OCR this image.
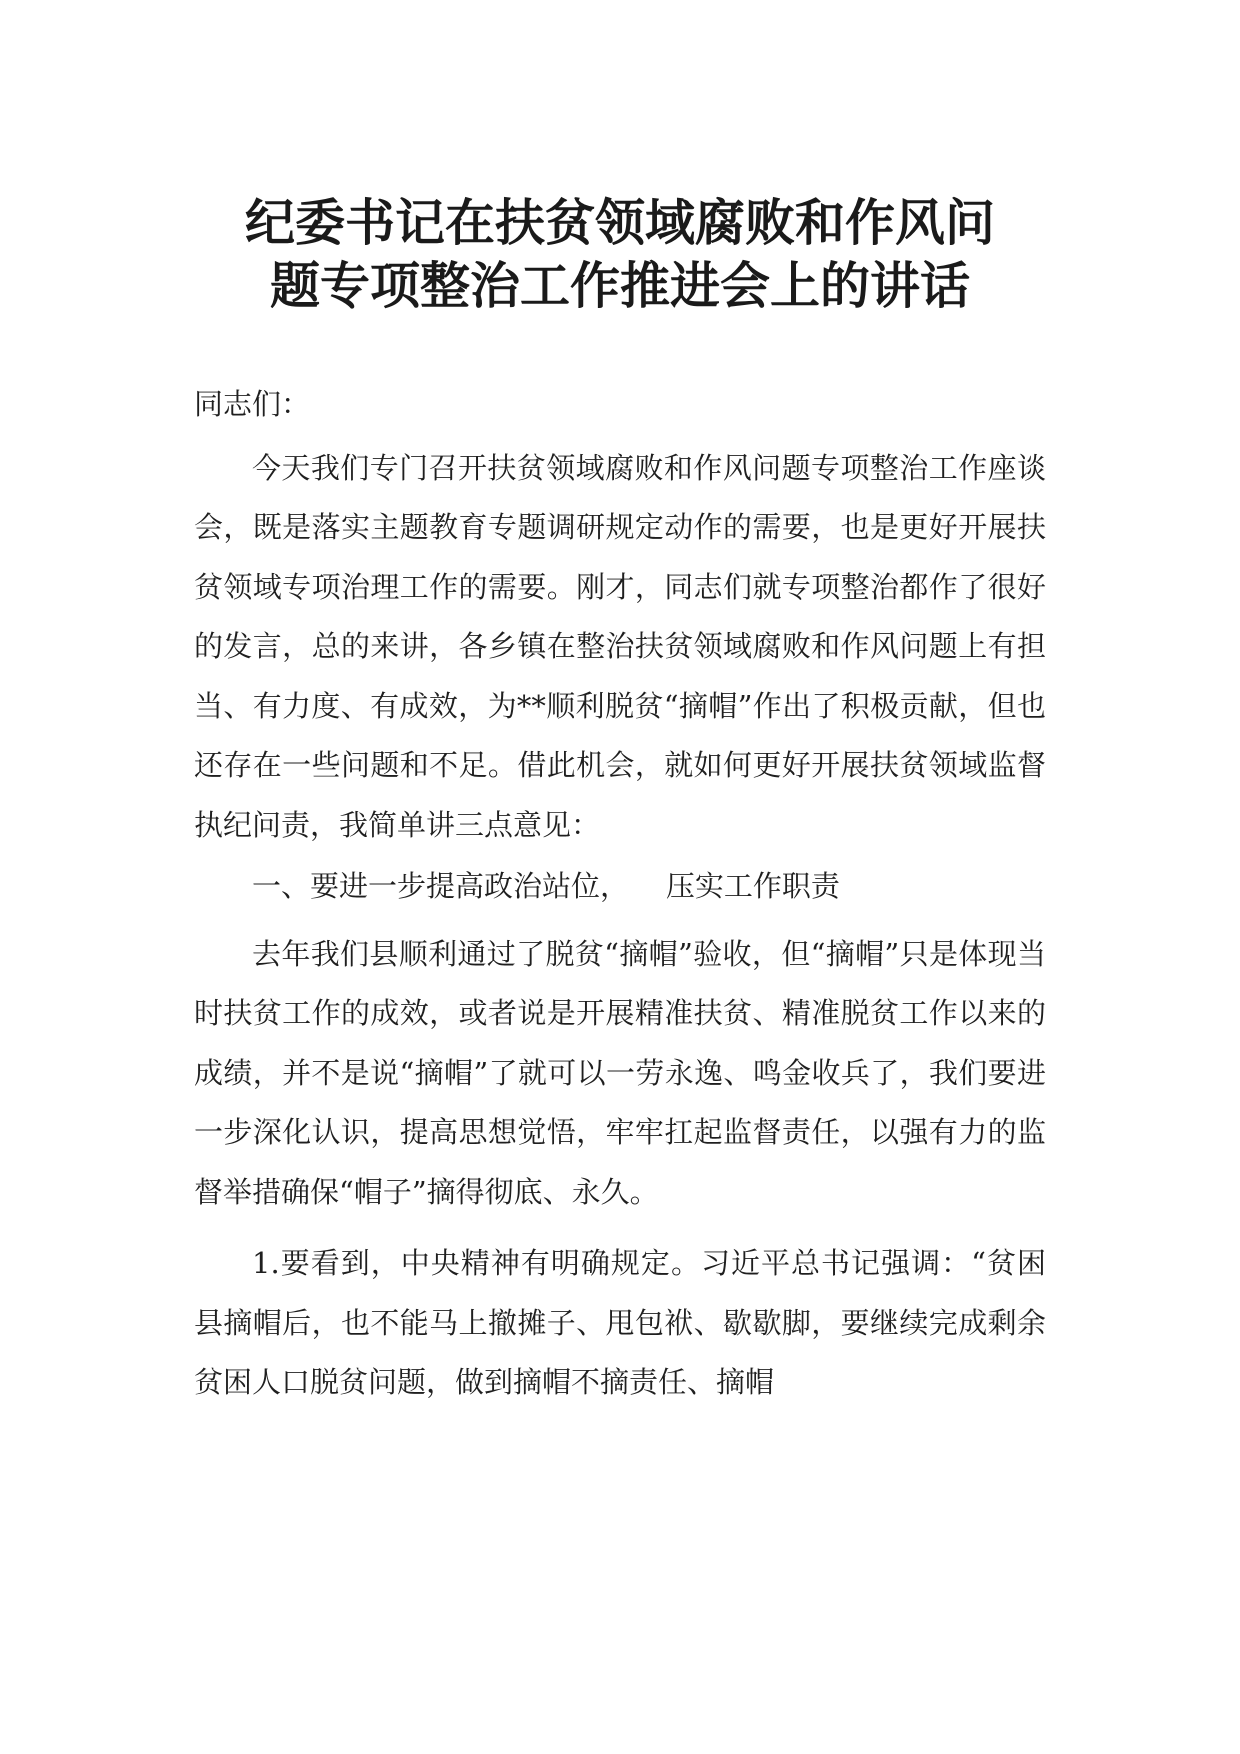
纪委书记在扶贫领域腐败和作风问
题专项整治工作推进会上的讲话

同志们：

今天我们专门召开扶贫领域腐败和作风问题专项整治工作座谈会，既是落实主题教育专题调研规定动作的需要，也是更好开展扶贫领域专项治理工作的需要。刚才，同志们就专项整治都作了很好的发言，总的来讲，各乡镇在整治扶贫领域腐败和作风问题上有担当、有力度、有成效，为**顺利脱贫“摘帽”作出了积极贡献，但也还存在一些问题和不足。借此机会，就如何更好开展扶贫领域监督执纪问责，我简单讲三点意见：

一、要进一步提高政治站位，    压实工作职责

去年我们县顺利通过了脱贫“摘帽”验收，但“摘帽”只是体现当时扶贫工作的成效，或者说是开展精准扶贫、精准脱贫工作以来的成绩，并不是说“摘帽”了就可以一劳永逸、鸣金收兵了，我们要进一步深化认识，提高思想觉悟，牢牢扛起监督责任，以强有力的监督举措确保“帽子”摘得彻底、永久。

1.要看到，中央精神有明确规定。习近平总书记强调：“贫困县摘帽后，也不能马上撤摊子、甩包袱、歇歇脚，要继续完成剩余贫困人口脱贫问题，做到摘帽不摘责任、摘帽
